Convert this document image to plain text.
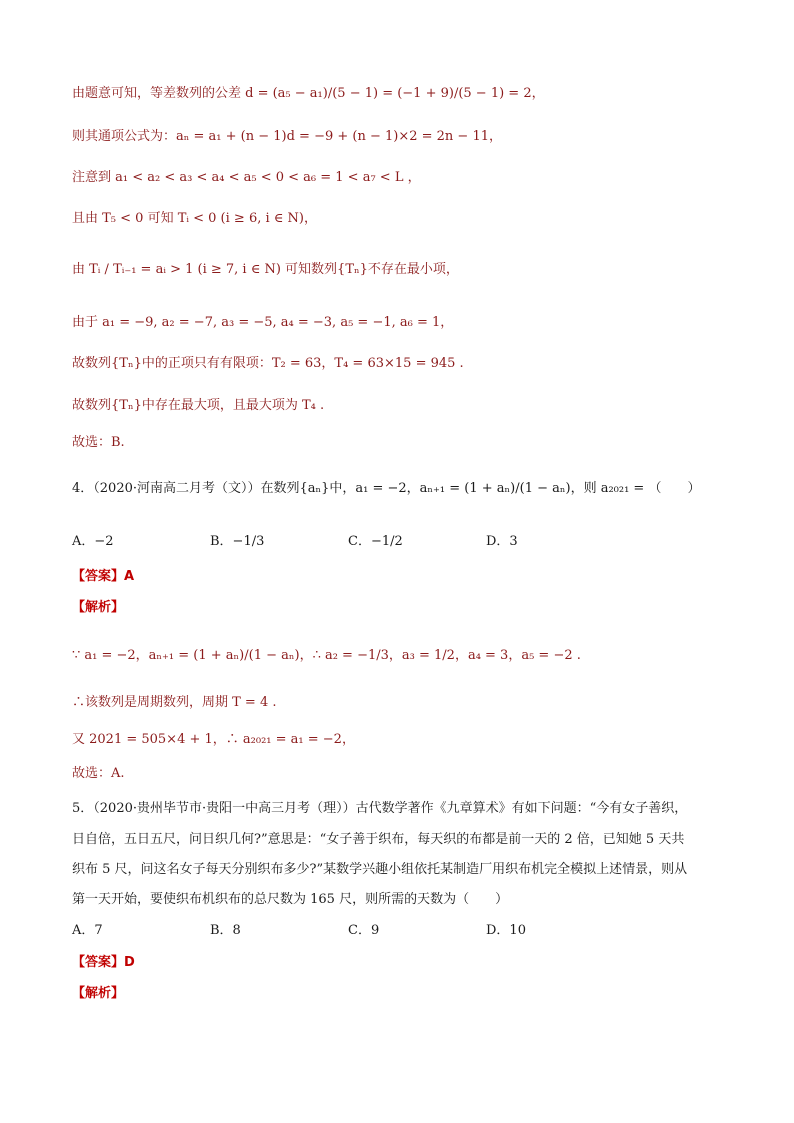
由题意可知，等差数列的公差 d = (a₅ − a₁)/(5 − 1) = (−1 + 9)/(5 − 1) = 2，
则其通项公式为：aₙ = a₁ + (n − 1)d = −9 + (n − 1)×2 = 2n − 11，
注意到 a₁ < a₂ < a₃ < a₄ < a₅ < 0 < a₆ = 1 < a₇ < L ，
且由 T₅ < 0 可知 Tᵢ < 0 (i ≥ 6, i ∈ N)，
由 Tᵢ / Tᵢ₋₁ = aᵢ > 1 (i ≥ 7, i ∈ N) 可知数列{Tₙ}不存在最小项，
由于 a₁ = −9, a₂ = −7, a₃ = −5, a₄ = −3, a₅ = −1, a₆ = 1，
故数列{Tₙ}中的正项只有有限项：T₂ = 63，T₄ = 63×15 = 945 .
故数列{Tₙ}中存在最大项，且最大项为 T₄ .
故选：B.
4．（2020·河南高二月考（文））在数列{aₙ}中，a₁ = −2，aₙ₊₁ = (1 + aₙ)/(1 − aₙ)，则 a₂₀₂₁ = （　　）
A．−2	B．−1/3	C．−1/2	D．3
【答案】A
【解析】
∵ a₁ = −2，aₙ₊₁ = (1 + aₙ)/(1 − aₙ)，∴ a₂ = −1/3，a₃ = 1/2，a₄ = 3，a₅ = −2 .
∴该数列是周期数列，周期 T = 4 .
又 2021 = 505×4 + 1，∴ a₂₀₂₁ = a₁ = −2，
故选：A.
5．（2020·贵州毕节市·贵阳一中高三月考（理））古代数学著作《九章算术》有如下问题：“今有女子善织，
日自倍，五日五尺，问日织几何?”意思是：“女子善于织布，每天织的布都是前一天的 2 倍，已知她 5 天共
织布 5 尺，问这名女子每天分别织布多少?”某数学兴趣小组依托某制造厂用织布机完全模拟上述情景，则从
第一天开始，要使织布机织布的总尺数为 165 尺，则所需的天数为（　　）
A．7	B．8	C．9	D．10
【答案】D
【解析】
